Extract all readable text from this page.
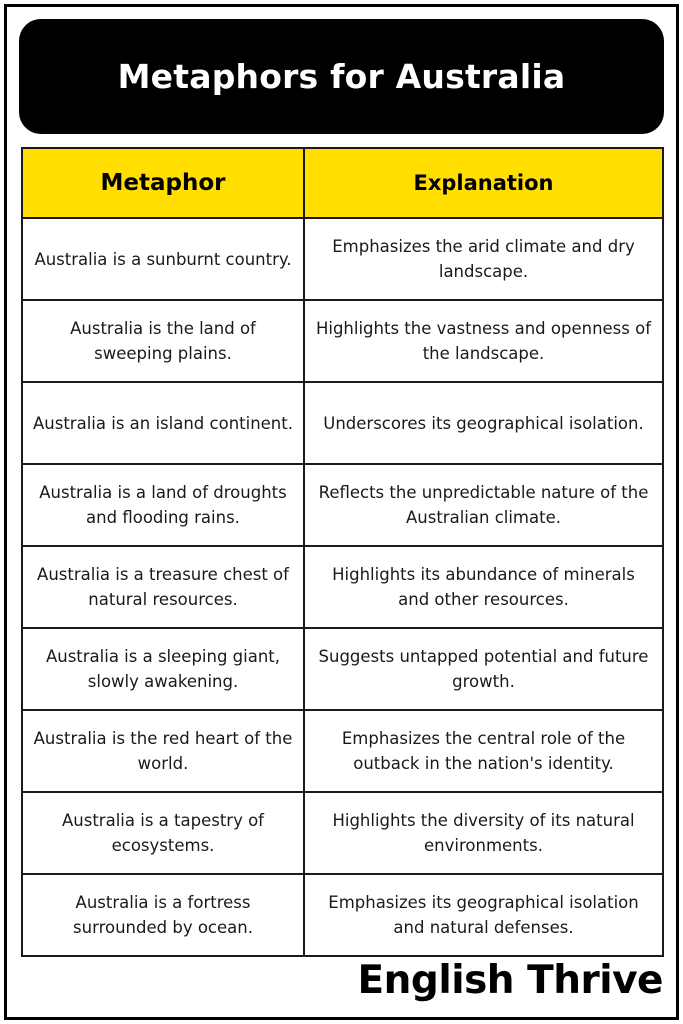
Metaphors for Australia
Metaphor	Explanation
Australia is a sunburnt country.	Emphasizes the arid climate and dry landscape.
Australia is the land of sweeping plains.	Highlights the vastness and openness of the landscape.
Australia is an island continent.	Underscores its geographical isolation.
Australia is a land of droughts and flooding rains.	Reflects the unpredictable nature of the Australian climate.
Australia is a treasure chest of natural resources.	Highlights its abundance of minerals and other resources.
Australia is a sleeping giant, slowly awakening.	Suggests untapped potential and future growth.
Australia is the red heart of the world.	Emphasizes the central role of the outback in the nation's identity.
Australia is a tapestry of ecosystems.	Highlights the diversity of its natural environments.
Australia is a fortress surrounded by ocean.	Emphasizes its geographical isolation and natural defenses.
English Thrive
